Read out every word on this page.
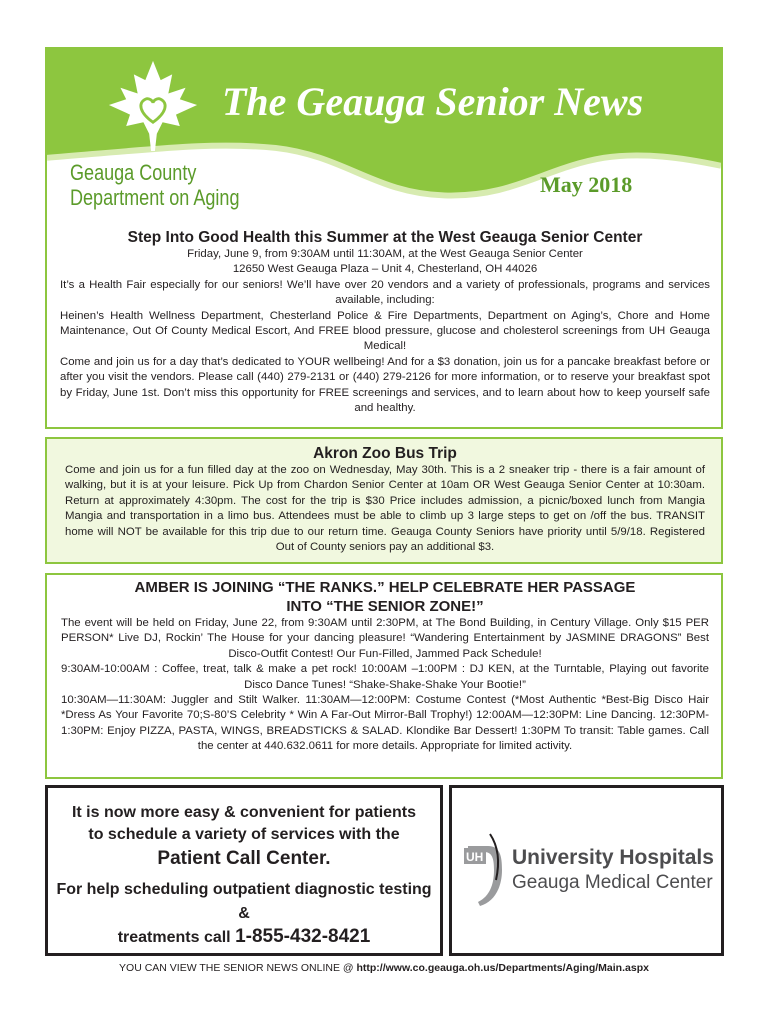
The Geauga Senior News
Geauga County
Department on Aging
May 2018
Step Into Good Health this Summer at the West Geauga Senior Center
Friday, June 9, from 9:30AM until 11:30AM, at the West Geauga Senior Center
12650 West Geauga Plaza – Unit 4, Chesterland, OH 44026
It’s a Health Fair especially for our seniors! We’ll have over 20 vendors and a variety of professionals, programs and services available, including:
Heinen’s Health Wellness Department, Chesterland Police & Fire Departments, Department on Aging’s, Chore and Home Maintenance, Out Of County Medical Escort, And FREE blood pressure, glucose and cholesterol screenings from UH Geauga Medical!
Come and join us for a day that’s dedicated to YOUR wellbeing! And for a $3 donation, join us for a pancake breakfast before or after you visit the vendors. Please call (440) 279-2131 or (440) 279-2126 for more information, or to reserve your breakfast spot by Friday, June 1st. Don’t miss this opportunity for FREE screenings and services, and to learn about how to keep yourself safe and healthy.
Akron Zoo Bus Trip
Come and join us for a fun filled day at the zoo on Wednesday, May 30th. This is a 2 sneaker trip - there is a fair amount of walking, but it is at your leisure. Pick Up from Chardon Senior Center at 10am OR West Geauga Senior Center at 10:30am. Return at approximately 4:30pm. The cost for the trip is $30 Price includes admission, a picnic/boxed lunch from Mangia Mangia and transportation in a limo bus. Attendees must be able to climb up 3 large steps to get on /off the bus. TRANSIT home will NOT be available for this trip due to our return time. Geauga County Seniors have priority until 5/9/18. Registered Out of County seniors pay an additional $3.
AMBER IS JOINING “THE RANKS.” HELP CELEBRATE HER PASSAGE
INTO “THE SENIOR ZONE!”
The event will be held on Friday, June 22, from 9:30AM until 2:30PM, at The Bond Building, in Century Village. Only $15 PER PERSON* Live DJ, Rockin’ The House for your dancing pleasure! “Wandering Entertainment by JASMINE DRAGONS” Best Disco-Outfit Contest! Our Fun-Filled, Jammed Pack Schedule!
9:30AM-10:00AM : Coffee, treat, talk & make a pet rock! 10:00AM –1:00PM : DJ KEN, at the Turntable, Playing out favorite Disco Dance Tunes! “Shake-Shake-Shake Your Bootie!”
10:30AM—11:30AM: Juggler and Stilt Walker. 11:30AM—12:00PM: Costume Contest (*Most Authentic *Best-Big Disco Hair *Dress As Your Favorite 70;S-80’S Celebrity * Win A Far-Out Mirror-Ball Trophy!) 12:00AM—12:30PM: Line Dancing. 12:30PM-1:30PM: Enjoy PIZZA, PASTA, WINGS, BREADSTICKS & SALAD. Klondike Bar Dessert! 1:30PM To transit: Table games. Call the center at 440.632.0611 for more details. Appropriate for limited activity.
It is now more easy & convenient for patients
to schedule a variety of services with the
Patient Call Center.
For help scheduling outpatient diagnostic testing &
treatments call 1-855-432-8421
UH University Hospitals
Geauga Medical Center
YOU CAN VIEW THE SENIOR NEWS ONLINE @ http://www.co.geauga.oh.us/Departments/Aging/Main.aspx
